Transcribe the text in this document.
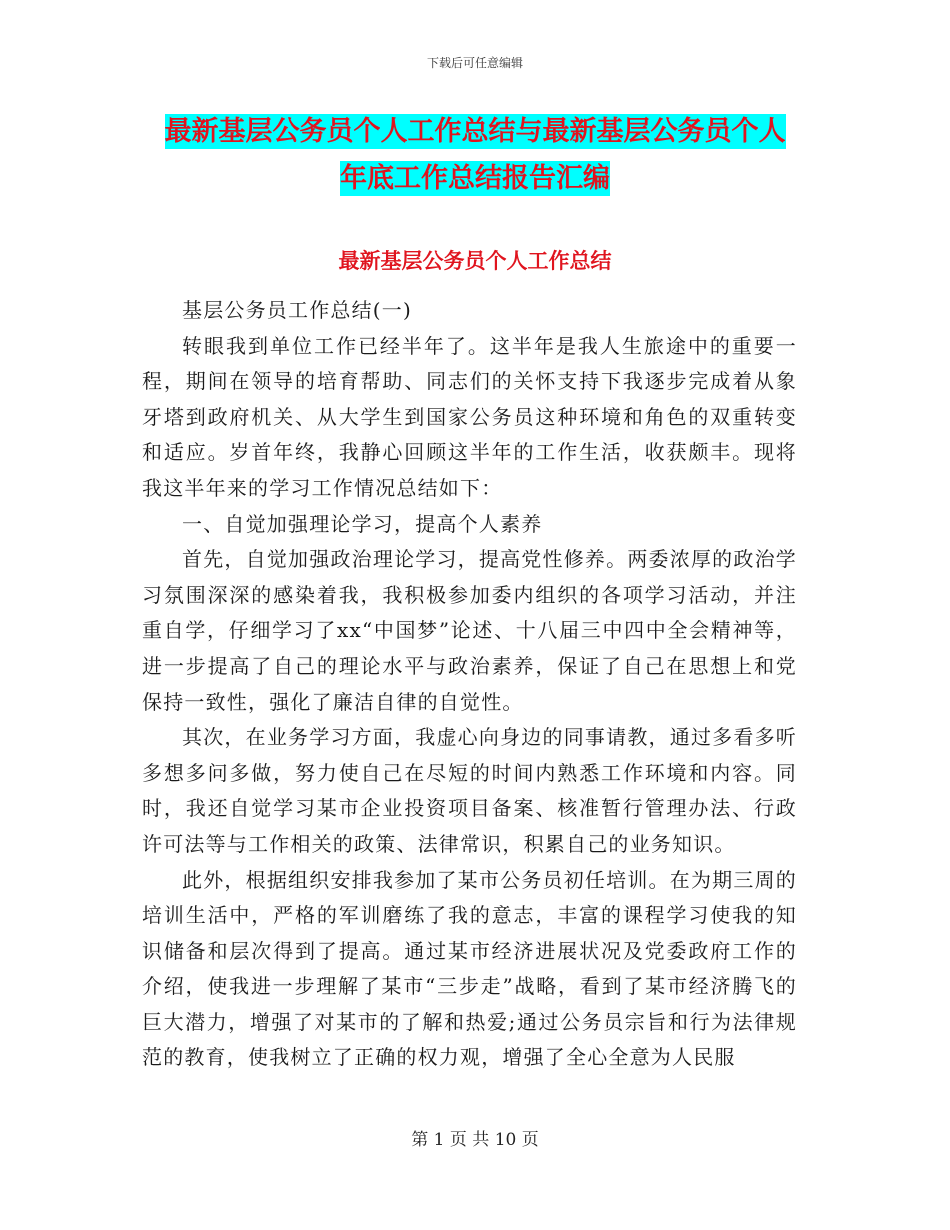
下载后可任意编辑
最新基层公务员个人工作总结与最新基层公务员个人
年底工作总结报告汇编
最新基层公务员个人工作总结

基层公务员工作总结(一)

转眼我到单位工作已经半年了。这半年是我人生旅途中的重要一程，期间在领导的培育帮助、同志们的关怀支持下我逐步完成着从象牙塔到政府机关、从大学生到国家公务员这种环境和角色的双重转变和适应。岁首年终，我静心回顾这半年的工作生活，收获颇丰。现将我这半年来的学习工作情况总结如下：

一、自觉加强理论学习，提高个人素养

首先，自觉加强政治理论学习，提高党性修养。两委浓厚的政治学习氛围深深的感染着我，我积极参加委内组织的各项学习活动，并注重自学，仔细学习了xx“中国梦”论述、十八届三中四中全会精神等，进一步提高了自己的理论水平与政治素养，保证了自己在思想上和党保持一致性，强化了廉洁自律的自觉性。

其次，在业务学习方面，我虚心向身边的同事请教，通过多看多听多想多问多做，努力使自己在尽短的时间内熟悉工作环境和内容。同时，我还自觉学习某市企业投资项目备案、核准暂行管理办法、行政许可法等与工作相关的政策、法律常识，积累自己的业务知识。

此外，根据组织安排我参加了某市公务员初任培训。在为期三周的培训生活中，严格的军训磨练了我的意志，丰富的课程学习使我的知识储备和层次得到了提高。通过某市经济进展状况及党委政府工作的介绍，使我进一步理解了某市“三步走”战略，看到了某市经济腾飞的巨大潜力，增强了对某市的了解和热爱;通过公务员宗旨和行为法律规范的教育，使我树立了正确的权力观，增强了全心全意为人民服

第 1 页 共 10 页
